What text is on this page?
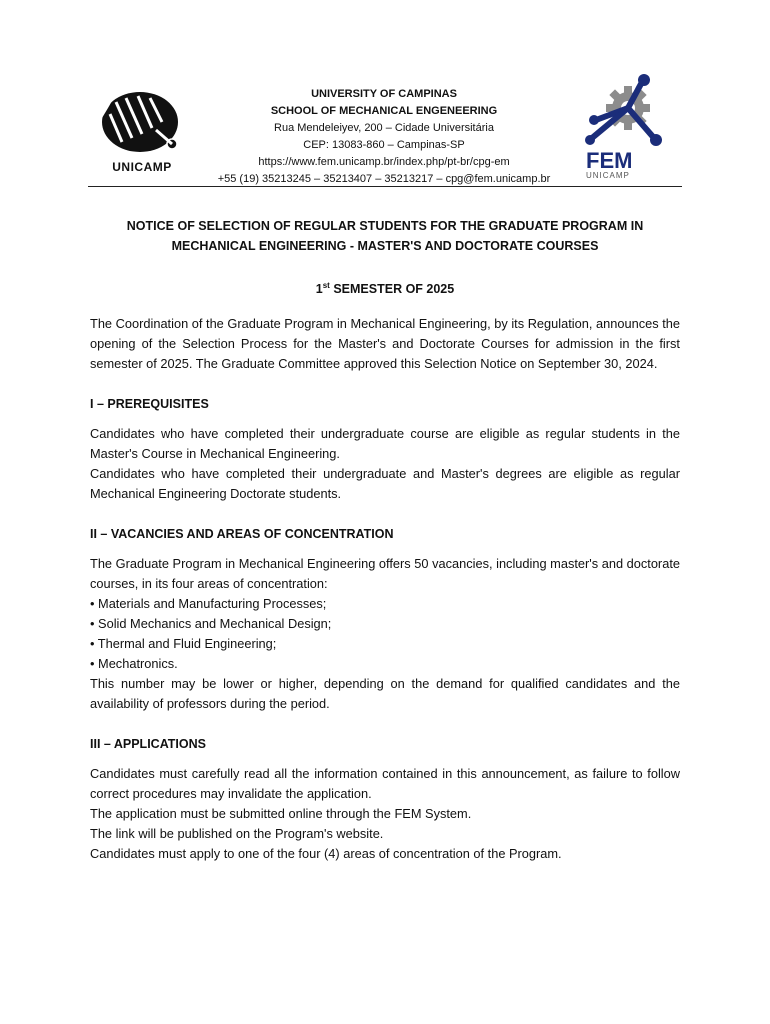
UNICAMP
UNIVERSITY OF CAMPINAS
SCHOOL OF MECHANICAL ENGENEERING
Rua Mendeleiyev, 200 – Cidade Universitária
CEP: 13083-860 – Campinas-SP
https://www.fem.unicamp.br/index.php/pt-br/cpg-em
+55 (19) 35213245 – 35213407 – 35213217 – cpg@fem.unicamp.br
FEM
UNICAMP
NOTICE OF SELECTION OF REGULAR STUDENTS FOR THE GRADUATE PROGRAM IN
MECHANICAL ENGINEERING - MASTER'S AND DOCTORATE COURSES
1st SEMESTER OF 2025

The Coordination of the Graduate Program in Mechanical Engineering, by its Regulation, announces the opening of the Selection Process for the Master's and Doctorate Courses for admission in the first semester of 2025. The Graduate Committee approved this Selection Notice on September 30, 2024.

I – PREREQUISITES

Candidates who have completed their undergraduate course are eligible as regular students in the Master's Course in Mechanical Engineering.

Candidates who have completed their undergraduate and Master's degrees are eligible as regular Mechanical Engineering Doctorate students.

II – VACANCIES AND AREAS OF CONCENTRATION

The Graduate Program in Mechanical Engineering offers 50 vacancies, including master's and doctorate courses, in its four areas of concentration:

• Materials and Manufacturing Processes;

• Solid Mechanics and Mechanical Design;

• Thermal and Fluid Engineering;

• Mechatronics.

This number may be lower or higher, depending on the demand for qualified candidates and the availability of professors during the period.

III – APPLICATIONS

Candidates must carefully read all the information contained in this announcement, as failure to follow correct procedures may invalidate the application.

The application must be submitted online through the FEM System.

The link will be published on the Program's website.

Candidates must apply to one of the four (4) areas of concentration of the Program.
